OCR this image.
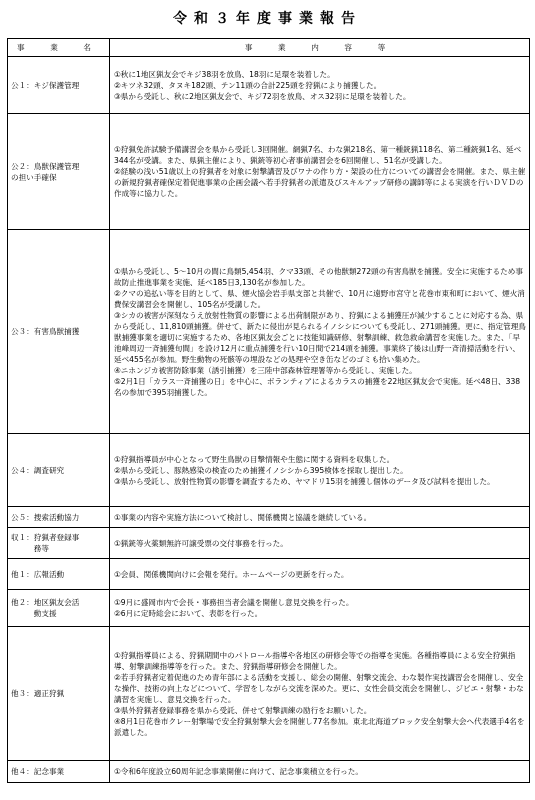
令和３年度事業報告
事　業　名	事　業　内　容　等

公１：キジ保護管理	①秋に1地区猟友会でキジ38羽を放鳥、18羽に足環を装着した。
②キツネ32頭、タヌキ182頭、テン11頭の合計225頭を狩猟により捕獲した。
③県から受託し、秋に2地区猟友会で、キジ72羽を放鳥、オス32羽に足環を装着した。

公２：鳥獣保護管理
の担い手確保	①狩猟免許試験予備講習会を県から受託し3回開催。網猟7名、わな猟218名、第一種銃猟118名、第二種銃猟1名、延べ344名が受講。また、県猟主催により、猟銃等初心者事前講習会を6回開催し、51名が受講した。
②経験の浅い51歳以上の狩猟者を対象に射撃講習及びワナの作り方・架設の仕方についての講習会を開催。また、県主催の新規狩猟者確保定着促進事業の企画会議へ若手狩猟者の派遣及びスキルアップ研修の講師等による実演を行いＤＶＤの作成等に協力した。

公３：有害鳥獣捕獲	①県から受託し、5～10月の間に鳥類5,454羽、クマ33頭、その他獣類272頭の有害鳥獣を捕獲。安全に実施するため事故防止推進事業を実施、延べ185日3,130名が参加した。
②クマの追払い等を目的として、県、煙火協会岩手県支部と共催で、10月に遠野市宮守と花巻市東和町において、煙火消費保安講習会を開催し、105名が受講した。
③シカの被害が深刻なうえ放射性物質の影響による出荷制限があり、狩猟による捕獲圧が減少することに対応する為、県から受託し、11,810頭捕獲。併せて、新たに侵出が見られるイノシシについても受託し、271頭捕獲。更に、指定管理鳥獣捕獲事業を適切に実施するため、各地区猟友会ごとに技能知識研修、射撃訓練、救急救命講習を実施した。また、「早池峰周辺一斉捕獲旬間」を設け12月に重点捕獲を行い10日間で214頭を捕獲。事業終了後は山野一斉清掃活動を行い、延べ455名が参加。野生動物の死骸等の埋設などの処理や空き缶などのゴミも拾い集めた。
④ニホンジカ被害防除事業（誘引捕獲）を三陸中部森林管理署等から受託し、実施した。
⑤2月1日「カラス一斉捕獲の日」を中心に、ボランティアによるカラスの捕獲を22地区猟友会で実施。延べ48日、338名の参加で395羽捕獲した。

公４：調査研究	①狩猟指導員が中心となって野生鳥獣の目撃情報や生態に関する資料を収集した。
②県から受託し、豚熱感染の検査のため捕獲イノシシから395検体を採取し提出した。
③県から受託し、放射性物質の影響を調査するため、ヤマドリ15羽を捕獲し個体のデータ及び試料を提出した。

公５：捜索活動協力	①事業の内容や実施方法について検討し、関係機関と協議を継続している。

収１：狩猟者登録事
　　　務等	①猟銃等火薬類無許可譲受票の交付事務を行った。

他１：広報活動	①会員、関係機関向けに会報を発行。ホームページの更新を行った。

他２：地区猟友会活
　　　動支援	①9月に盛岡市内で会長・事務担当者会議を開催し意見交換を行った。
②6月に定時総会において、表彰を行った。

他３：適正狩猟	①狩猟指導員による、狩猟期間中のパトロール指導や各地区の研修会等での指導を実施。各種指導員による安全狩猟指導、射撃訓練指導等を行った。また、狩猟指導研修会を開催した。
②若手狩猟者定着促進のため青年部による活動を支援し、総会の開催、射撃交流会、わな製作実技講習会を開催し、安全な操作、技術の向上などについて、学習をしながら交流を深めた。更に、女性会員交流会を開催し、ジビエ・射撃・わな講習を実施し、意見交換を行った。
③県外狩猟者登録事務を県から受託、併せて射撃訓練の励行をお願いした。
④8月1日花巻市クレー射撃場で安全狩猟射撃大会を開催し77名参加。東北北海道ブロック安全射撃大会へ代表選手4名を派遣した。

他４：記念事業	①令和6年度設立60周年記念事業開催に向けて、記念事業積立を行った。
